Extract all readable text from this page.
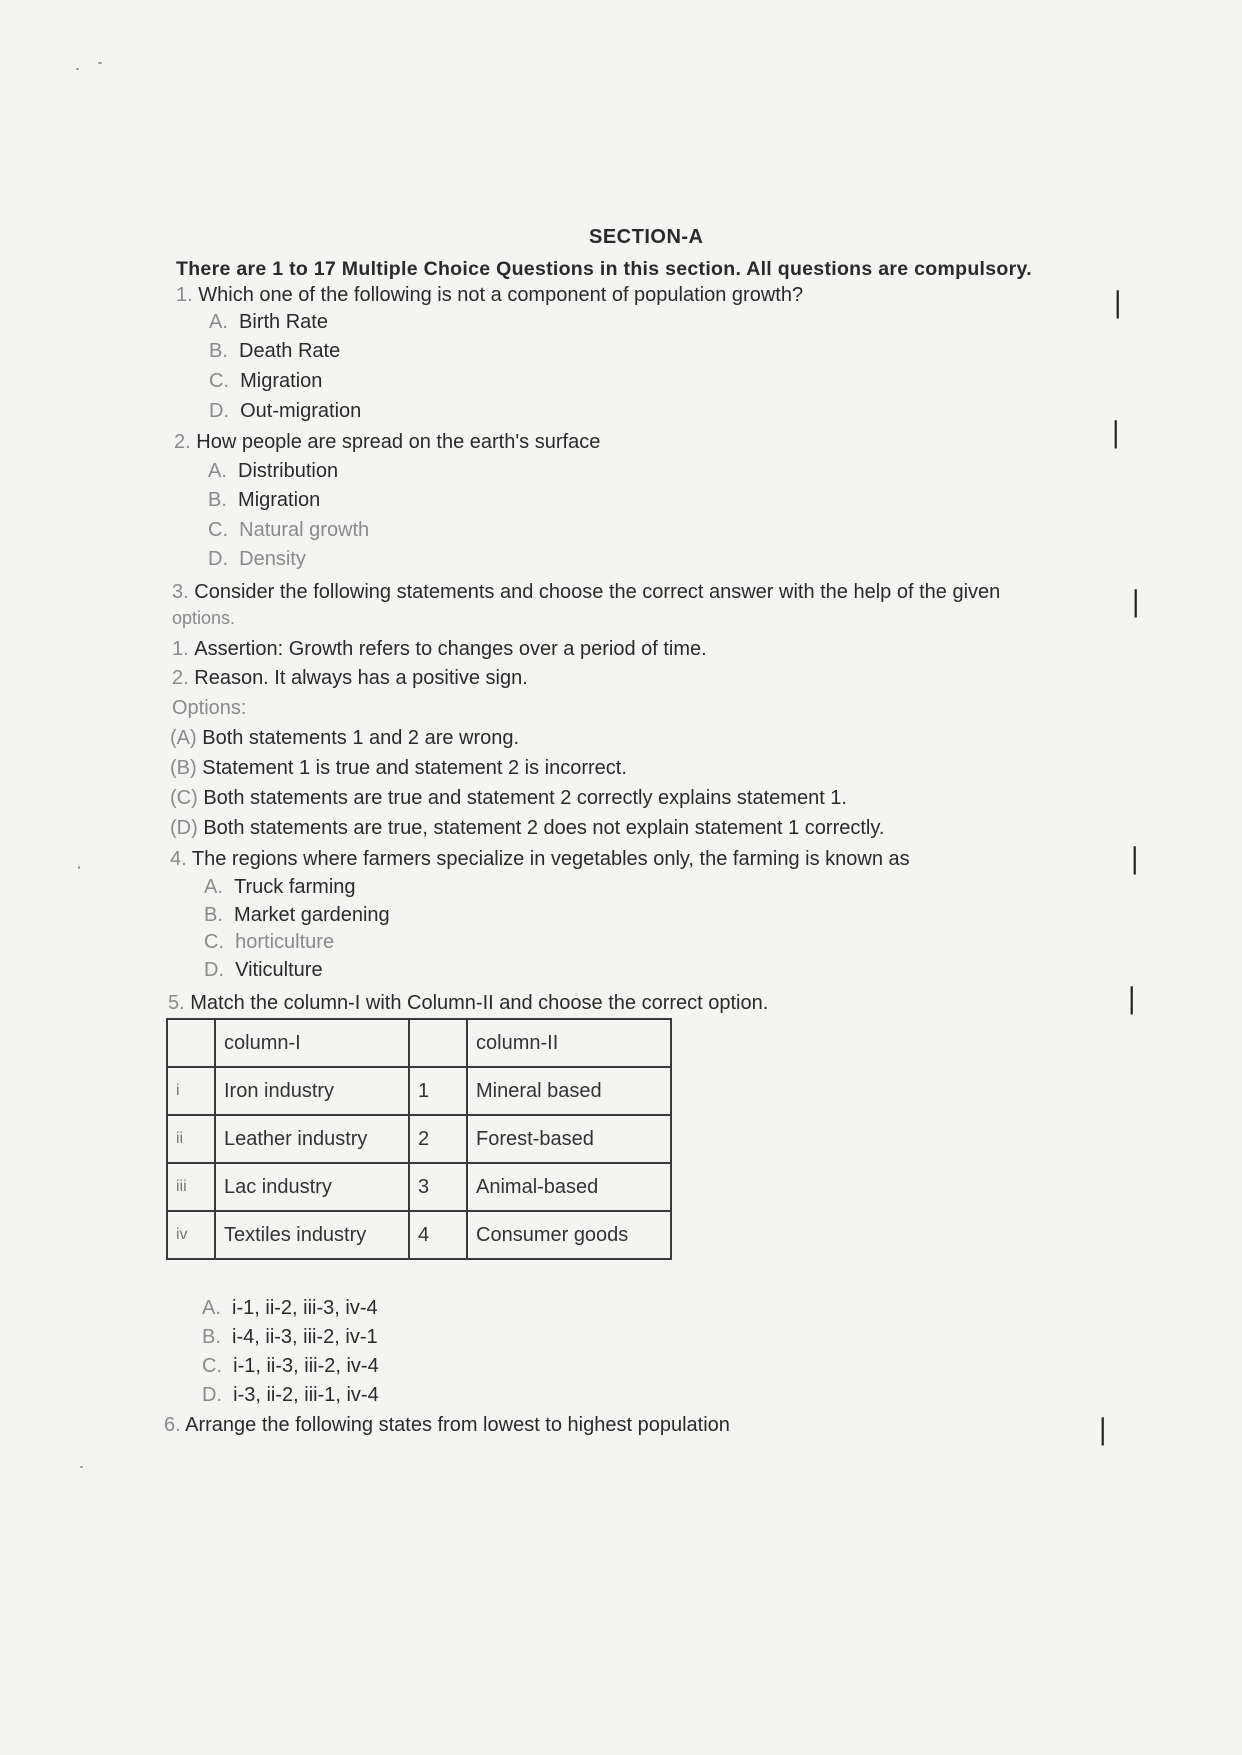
SECTION-A
There are 1 to 17 Multiple Choice Questions in this section. All questions are compulsory.
1. Which one of the following is not a component of population growth?	|
A. Birth Rate
B. Death Rate
C. Migration
D. Out-migration
2. How people are spread on the earth's surface	|
A. Distribution
B. Migration
C. Natural growth
D. Density
3. Consider the following statements and choose the correct answer with the help of the given
options.	|
1. Assertion: Growth refers to changes over a period of time.
2. Reason. It always has a positive sign.
Options:
(A) Both statements 1 and 2 are wrong.
(B) Statement 1 is true and statement 2 is incorrect.
(C) Both statements are true and statement 2 correctly explains statement 1.
(D) Both statements are true, statement 2 does not explain statement 1 correctly.
4. The regions where farmers specialize in vegetables only, the farming is known as	|
A. Truck farming
B. Market gardening
C. horticulture
D. Viticulture
5. Match the column-I with Column-II and choose the correct option.	|
	column-I		column-II
i	Iron industry	1	Mineral based
ii	Leather industry	2	Forest-based
iii	Lac industry	3	Animal-based
iv	Textiles industry	4	Consumer goods
A. i-1, ii-2, iii-3, iv-4
B. i-4, ii-3, iii-2, iv-1
C. i-1, ii-3, iii-2, iv-4
D. i-3, ii-2, iii-1, iv-4
6. Arrange the following states from lowest to highest population	|
